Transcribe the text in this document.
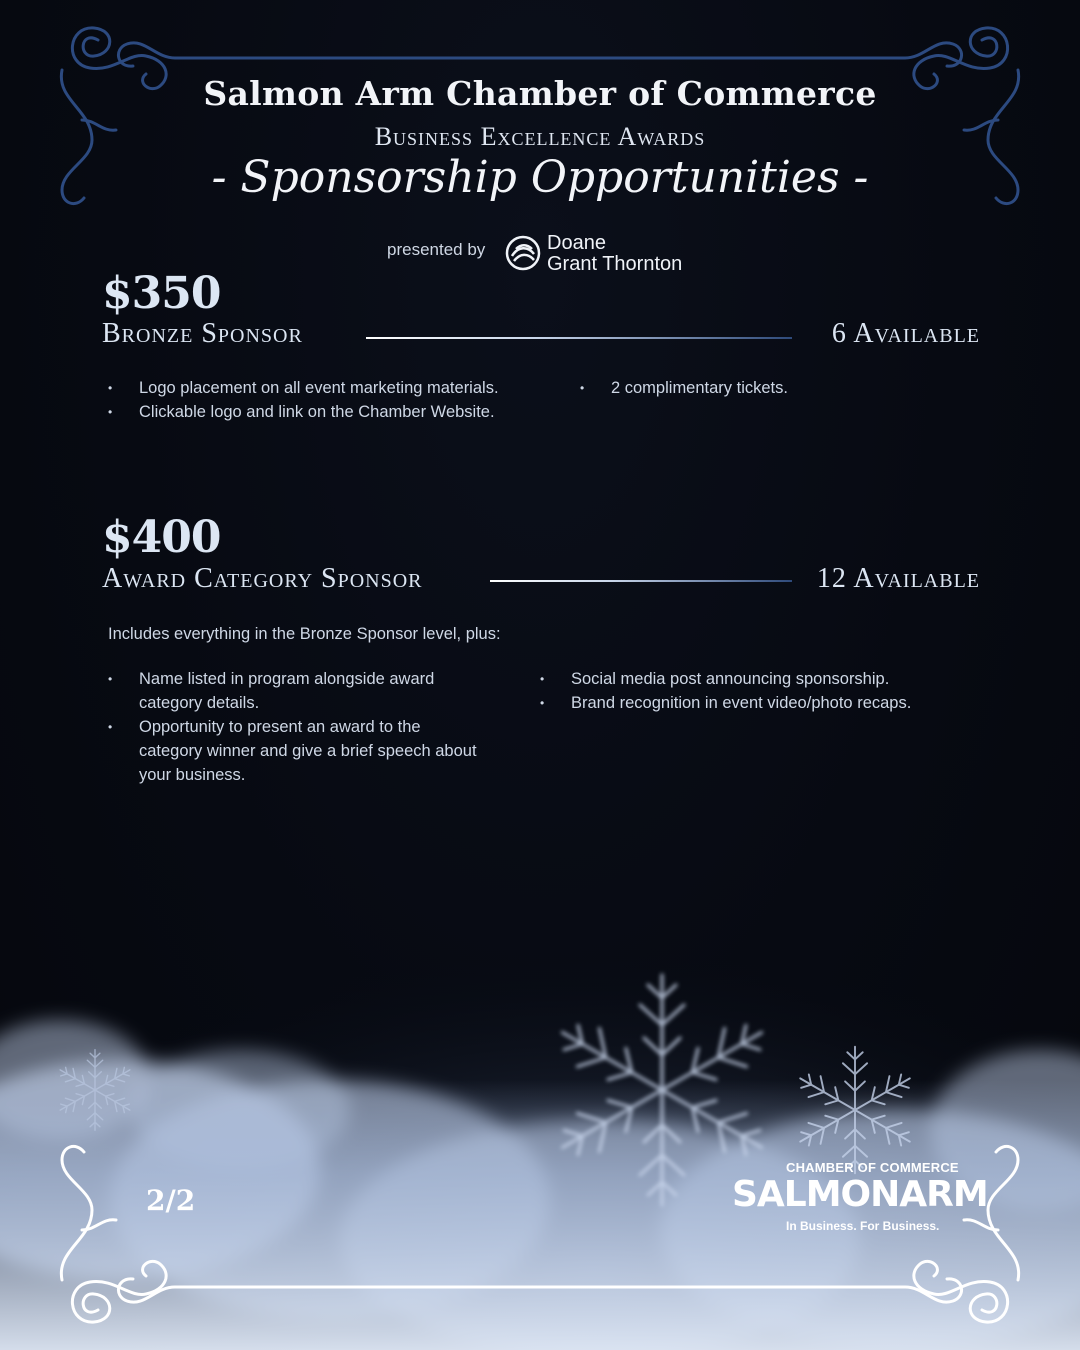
Salmon Arm Chamber of Commerce
Business Excellence Awards
- Sponsorship Opportunities -
presented by	Doane
Grant Thornton
$350
Bronze Sponsor	6 Available
• Logo placement on all event marketing materials.
• Clickable logo and link on the Chamber Website.
• 2 complimentary tickets.
$400
Award Category Sponsor	12 Available
Includes everything in the Bronze Sponsor level, plus:
• Name listed in program alongside award category details.
• Opportunity to present an award to the category winner and give a brief speech about your business.
• Social media post announcing sponsorship.
• Brand recognition in event video/photo recaps.
2/2
CHAMBER OF COMMERCE
SALMONARM
In Business. For Business.
